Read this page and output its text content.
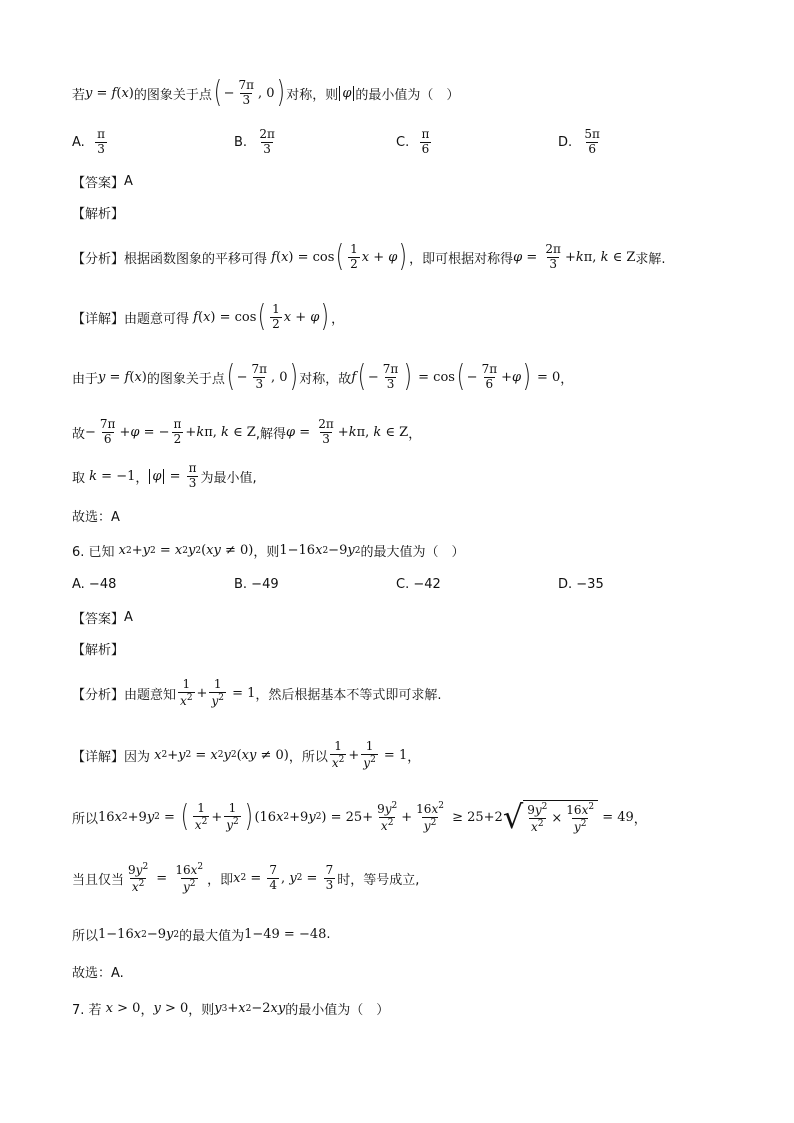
若 y = f ( x ) 的图象关于点 ( − $\frac{7\pi}{3}$ , 0 ) 对称，则 φ 的最小值为（　）
A.
$\frac{\pi}{3}$	B.
$\frac{2\pi}{3}$	C.
$\frac{\pi}{6}$	D.
$\frac{5\pi}{6}$
【答案】 A
【解析】
【分析】 根据函数图象的平移可得 f ( x ) = cos ( $\frac{1}{2}$ x + φ ) ，即可根据对称得 $\varphi = \frac{2\pi}{3} + k$ π, k ∈ Z 求解.
【详解】 由题意可得 f ( x ) = cos ( $\frac{1}{2}$ x + φ ) ，
由于 y = f ( x ) 的图象关于点 ( − $\frac{7\pi}{3}$ , 0 ) 对称，故 f ( − $\frac{7\pi}{3}$ ) = cos ( − $\frac{7\pi}{6} + \varphi$ ) = 0 ，
故 − $\frac{7\pi}{6} + \varphi$ = − $\frac{\pi}{2} + k$ π, k ∈ Z ,解得 $\varphi = \frac{2\pi}{3} + k$ π, k ∈ Z ，
取 k = −1 ， $\varphi = \frac{\pi}{3}$ 为最小值,
故选：A
6. 已知 x 2 + y 2 = x 2 y 2 ( xy ≠ 0) ，则 1−16 x 2 −9 y 2 的最大值为（　）
A. −48	B. −49	C. −42	D. −35
【答案】 A
【解析】
【分析】 由题意知 $\frac{1}{x^2} + \frac{1}{y^2} = 1$ ，然后根据基本不等式即可求解.
【详解】 因为 x 2 + y 2 = x 2 y 2 ( xy ≠ 0) ，所以 $\frac{1}{x^2} + \frac{1}{y^2} = 1$ ，
所以 16 x 2 +9 y 2 = ( $\frac{1}{x^2} + \frac{1}{y^2}$ ) (16 x 2 +9 y 2 ) = $25+ \frac{9y^2}{x^2} + \frac{16x^2}{y^2} \ge 25+2$ √ $\frac{9y^2}{x^2} \times \frac{16x^2}{y^2} = 49$ ，
当且仅当 $\frac{9y^2}{x^2} = \frac{16x^2}{y^2}$ ，即 x $2 = \frac{7}{4}$ , y $2 = \frac{7}{3}$ 时，等号成立,
所以 1−16 x 2 −9 y 2 的最大值为 1−49 = −48 .
故选：A.
7. 若 x > 0 ， y > 0 ，则 y 3 + x 2 −2 xy 的最小值为（　）
